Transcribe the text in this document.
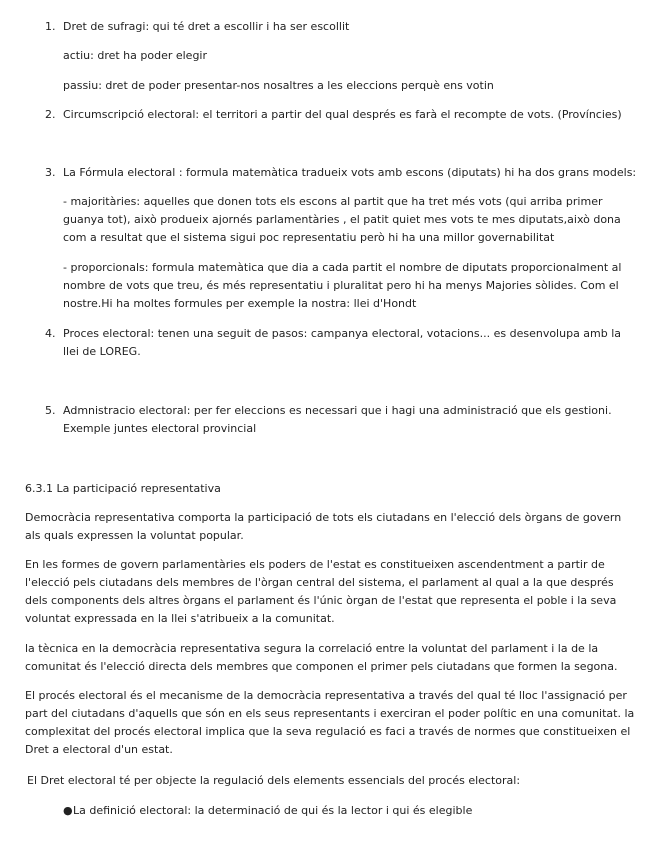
1. Dret de sufragi: qui té dret a escollir i ha ser escollit
actiu: dret ha poder elegir
passiu: dret de poder presentar-nos nosaltres a les eleccions perquè ens votin
2. Circumscripció electoral: el territori a partir del qual després es farà el recompte de vots. (Províncies)
3. La Fórmula electoral : formula matemàtica tradueix vots amb escons (diputats) hi ha dos grans models:
- majoritàries: aquelles que donen tots els escons al partit que ha tret més vots (qui arriba primer guanya tot), això produeix ajornés parlamentàries , el patit quiet mes vots te mes diputats,això dona com a resultat que el sistema sigui poc representatiu però hi ha una millor governabilitat
- proporcionals: formula matemàtica que dia a cada partit el nombre de diputats proporcionalment al nombre de vots que treu, és més representatiu i pluralitat pero hi ha menys Majories sòlides. Com el nostre.Hi ha moltes formules per exemple la nostra: llei d'Hondt
4. Proces electoral: tenen una seguit de pasos: campanya electoral, votacions... es desenvolupa amb la llei de LOREG.
5. Admnistracio electoral: per fer eleccions es necessari que i hagi una administració que els gestioni. Exemple juntes electoral provincial
6.3.1 La participació representativa
Democràcia representativa comporta la participació de tots els ciutadans en l'elecció dels òrgans de govern als quals expressen la voluntat popular.
En les formes de govern parlamentàries els poders de l'estat es constitueixen ascendentment a partir de l'elecció pels ciutadans dels membres de l'òrgan central del sistema, el parlament al qual a la que després dels components dels altres òrgans el parlament és l'únic òrgan de l'estat que representa el poble i la seva voluntat expressada en la llei s'atribueix a la comunitat.
la tècnica en la democràcia representativa segura la correlació entre la voluntat del parlament i la de la comunitat és l'elecció directa dels membres que componen el primer pels ciutadans que formen la segona.
El procés electoral és el mecanisme de la democràcia representativa a través del qual té lloc l'assignació per part del ciutadans d'aquells que són en els seus representants i exerciran el poder polític en una comunitat. la complexitat del procés electoral implica que la seva regulació es faci a través de normes que constitueixen el Dret a electoral d'un estat.
El Dret electoral té per objecte la regulació dels elements essencials del procés electoral:
●La definició electoral: la determinació de qui és la lector i qui és elegible
